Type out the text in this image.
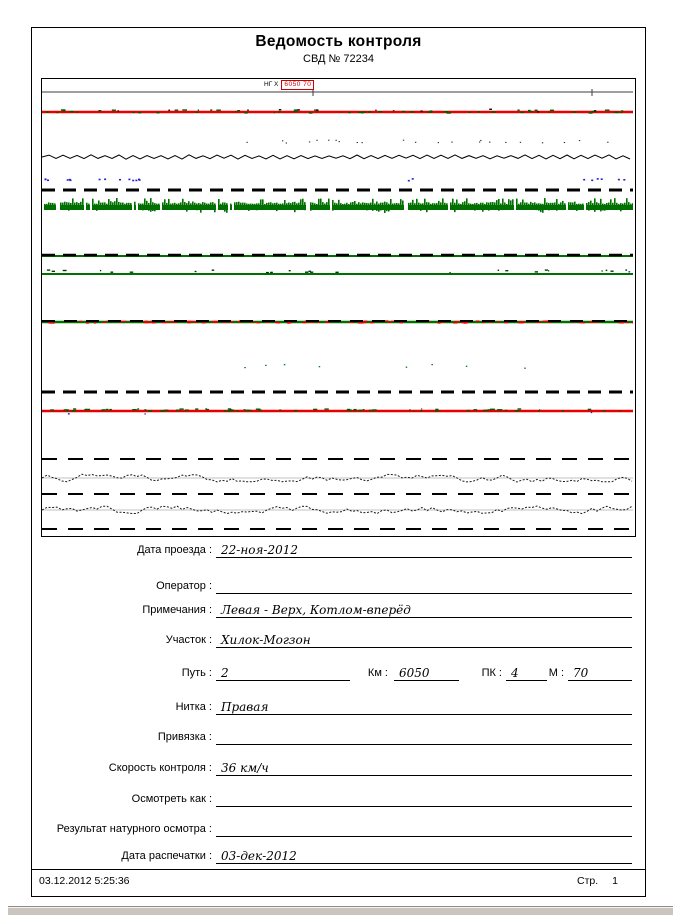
Ведомость контроля
СВД № 72234
НГ X 6050 70
Дата проезда : 22-ноя-2012
Оператор :
Примечания : Левая - Верх, Котлом-вперёд
Участок : Хилок-Могзон
Путь : 2	Км : 6050	ПК : 4	М : 70
Нитка : Правая
Привязка :
Скорость контроля : 36 км/ч
Осмотреть как :
Результат натурного осмотра :
Дата распечатки : 03-дек-2012
03.12.2012 5:25:36	Стр. 1
